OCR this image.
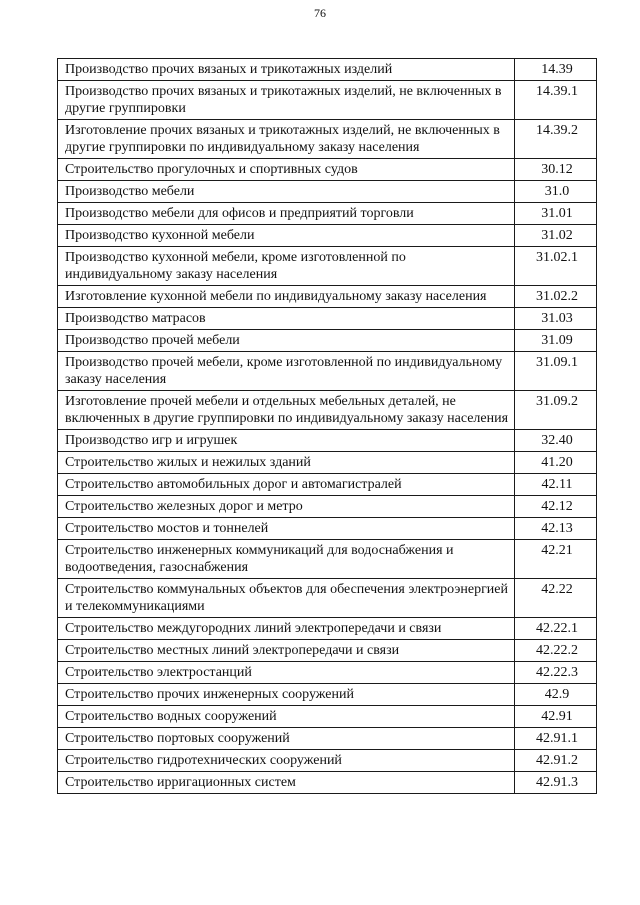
76
Производство прочих вязаных и трикотажных изделий	14.39
Производство прочих вязаных и трикотажных изделий, не включенных в другие группировки	14.39.1
Изготовление прочих вязаных и трикотажных изделий, не включенных в другие группировки по индивидуальному заказу населения	14.39.2
Строительство прогулочных и спортивных судов	30.12
Производство мебели	31.0
Производство мебели для офисов и предприятий торговли	31.01
Производство кухонной мебели	31.02
Производство кухонной мебели, кроме изготовленной по индивидуальному заказу населения	31.02.1
Изготовление кухонной мебели по индивидуальному заказу населения	31.02.2
Производство матрасов	31.03
Производство прочей мебели	31.09
Производство прочей мебели, кроме изготовленной по индивидуальному заказу населения	31.09.1
Изготовление прочей мебели и отдельных мебельных деталей, не включенных в другие группировки по индивидуальному заказу населения	31.09.2
Производство игр и игрушек	32.40
Строительство жилых и нежилых зданий	41.20
Строительство автомобильных дорог и автомагистралей	42.11
Строительство железных дорог и метро	42.12
Строительство мостов и тоннелей	42.13
Строительство инженерных коммуникаций для водоснабжения и водоотведения, газоснабжения	42.21
Строительство коммунальных объектов для обеспечения электроэнергией и телекоммуникациями	42.22
Строительство междугородних линий электропередачи и связи	42.22.1
Строительство местных линий электропередачи и связи	42.22.2
Строительство электростанций	42.22.3
Строительство прочих инженерных сооружений	42.9
Строительство водных сооружений	42.91
Строительство портовых сооружений	42.91.1
Строительство гидротехнических сооружений	42.91.2
Строительство ирригационных систем	42.91.3
